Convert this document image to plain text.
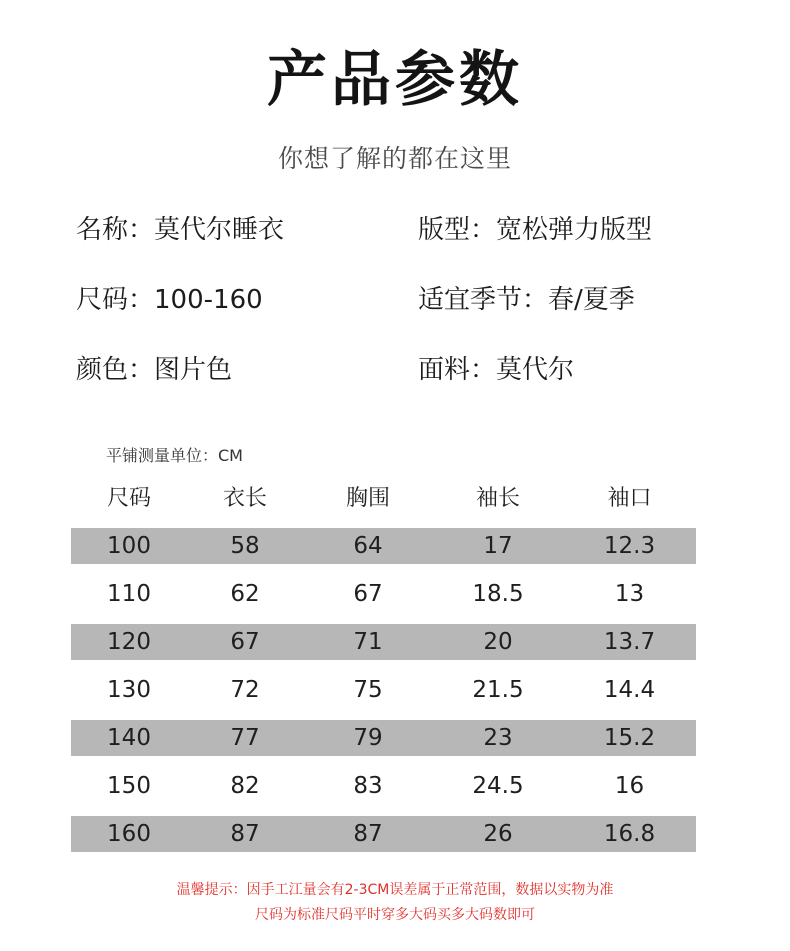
产品参数
你想了解的都在这里
名称：莫代尔睡衣	版型：宽松弹力版型
尺码：100-160	适宜季节：春/夏季
颜色：图片色	面料：莫代尔
平铺测量单位：CM
尺码	衣长	胸围	袖长	袖口
100	58	64	17	12.3
110	62	67	18.5	13
120	67	71	20	13.7
130	72	75	21.5	14.4
140	77	79	23	15.2
150	82	83	24.5	16
160	87	87	26	16.8
温馨提示：因手工江量会有2-3CM误差属于正常范围，数据以实物为准
尺码为标准尺码平时穿多大码买多大码数即可
